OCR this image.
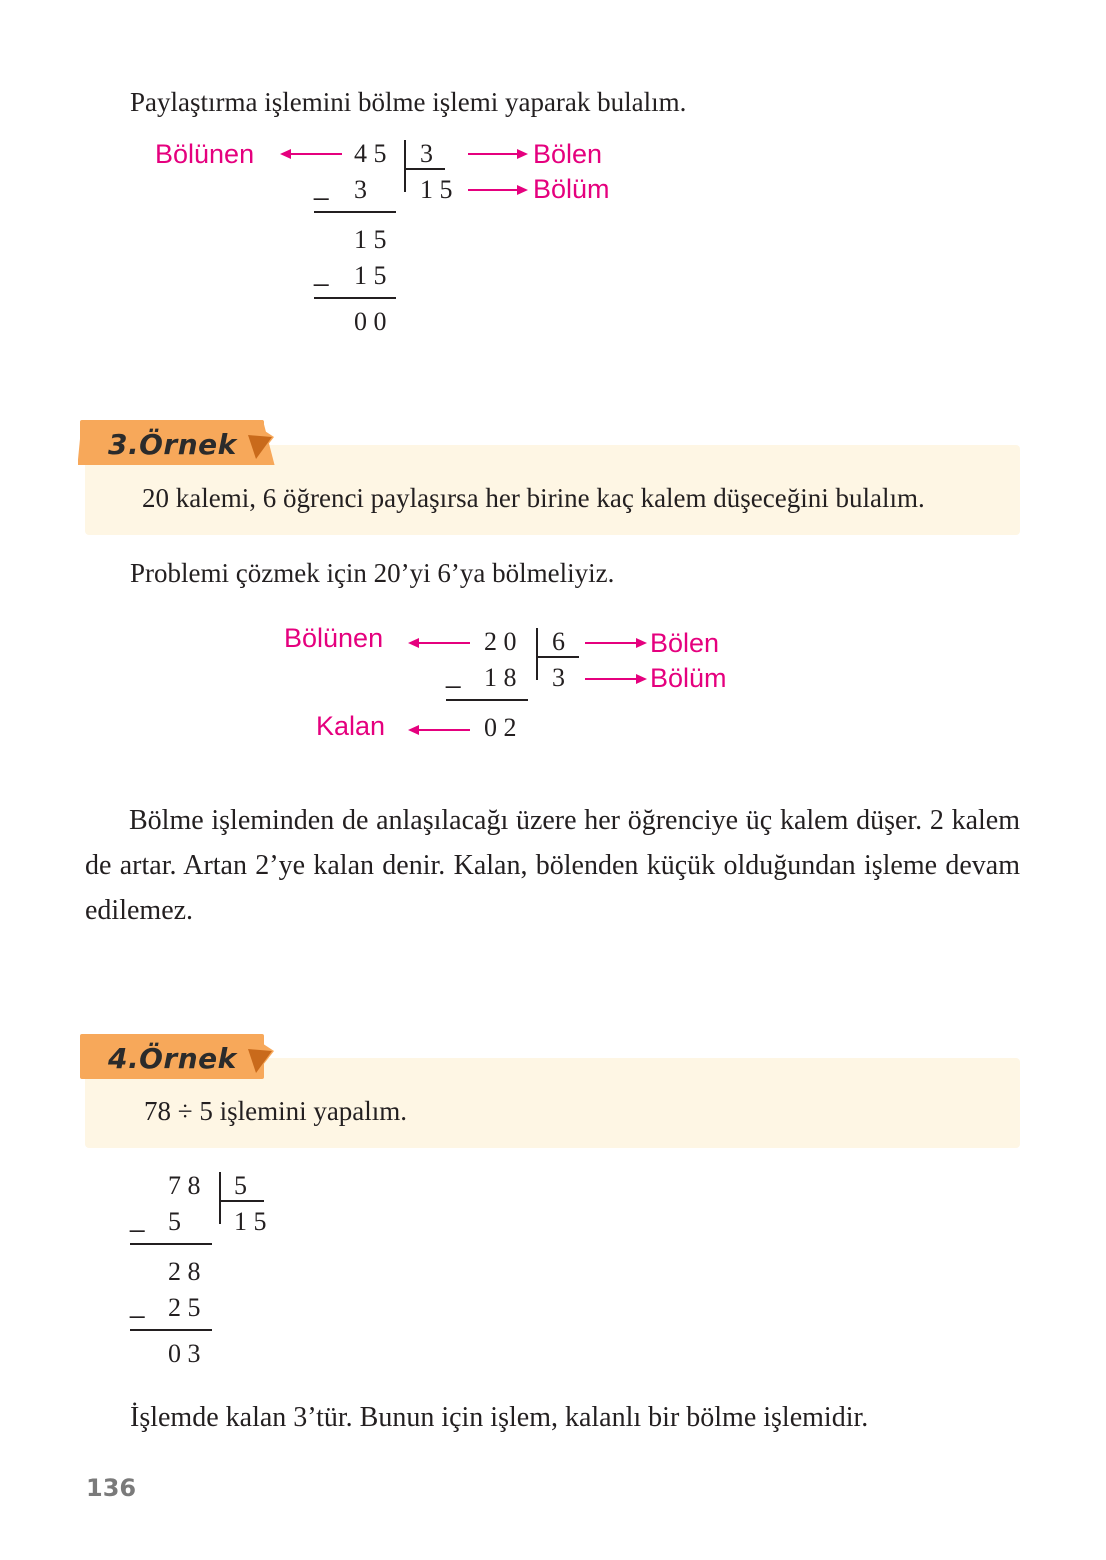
Paylaştırma işlemini bölme işlemi yaparak bulalım.
Bölünen	4 5 3	Bölen
_ 3 1 5	Bölüm
1 5
_ 1 5
0 0
20 kalemi, 6 öğrenci paylaşırsa her birine kaç kalem düşeceğini bulalım.
3.Örnek
Problemi çözmek için 20’yi 6’ya bölmeliyiz.
Bölünen	2 0 6	Bölen
_ 1 8 3	Bölüm
Kalan	0 2
Bölme işleminden de anlaşılacağı üzere her öğrenciye üç kalem düşer. 2 kalem de artar. Artan 2’ye kalan denir. Kalan, bölenden küçük olduğundan işleme devam edilemez.
78 ÷ 5 işlemini yapalım.
4.Örnek
7 8 5
_ 5 1 5
2 8
_ 2 5
0 3
İşlemde kalan 3’tür. Bunun için işlem, kalanlı bir bölme işlemidir.
136
